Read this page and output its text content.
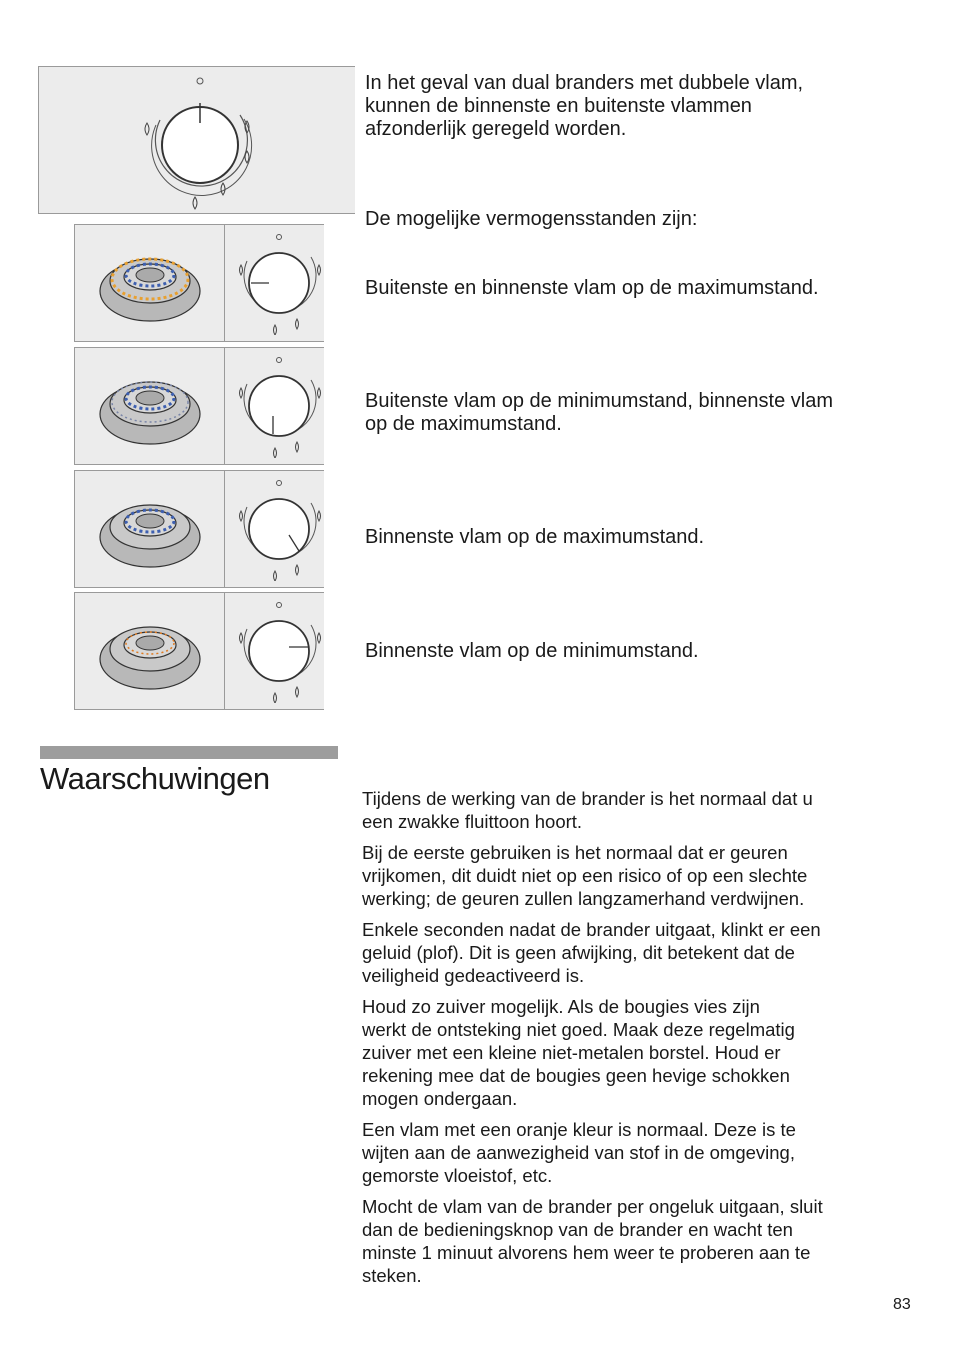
In het geval van dual branders met dubbele vlam,
kunnen de binnenste en buitenste vlammen
afzonderlijk geregeld worden.
De mogelijke vermogensstanden zijn:
Buitenste en binnenste vlam op de maximumstand.
Buitenste vlam op de minimumstand, binnenste vlam
op de maximumstand.
Binnenste vlam op de maximumstand.
Binnenste vlam op de minimumstand.
Waarschuwingen

Tijdens de werking van de brander is het normaal dat u
een zwakke fluittoon hoort.

Bij de eerste gebruiken is het normaal dat er geuren
vrijkomen, dit duidt niet op een risico of op een slechte
werking; de geuren zullen langzamerhand verdwijnen.

Enkele seconden nadat de brander uitgaat, klinkt er een
geluid (plof). Dit is geen afwijking, dit betekent dat de
veiligheid gedeactiveerd is.

Houd zo zuiver mogelijk. Als de bougies vies zijn
werkt de ontsteking niet goed. Maak deze regelmatig
zuiver met een kleine niet-metalen borstel. Houd er
rekening mee dat de bougies geen hevige schokken
mogen ondergaan.

Een vlam met een oranje kleur is normaal. Deze is te
wijten aan de aanwezigheid van stof in de omgeving,
gemorste vloeistof, etc.

Mocht de vlam van de brander per ongeluk uitgaan, sluit
dan de bedieningsknop van de brander en wacht ten
minste 1 minuut alvorens hem weer te proberen aan te
steken.

83
